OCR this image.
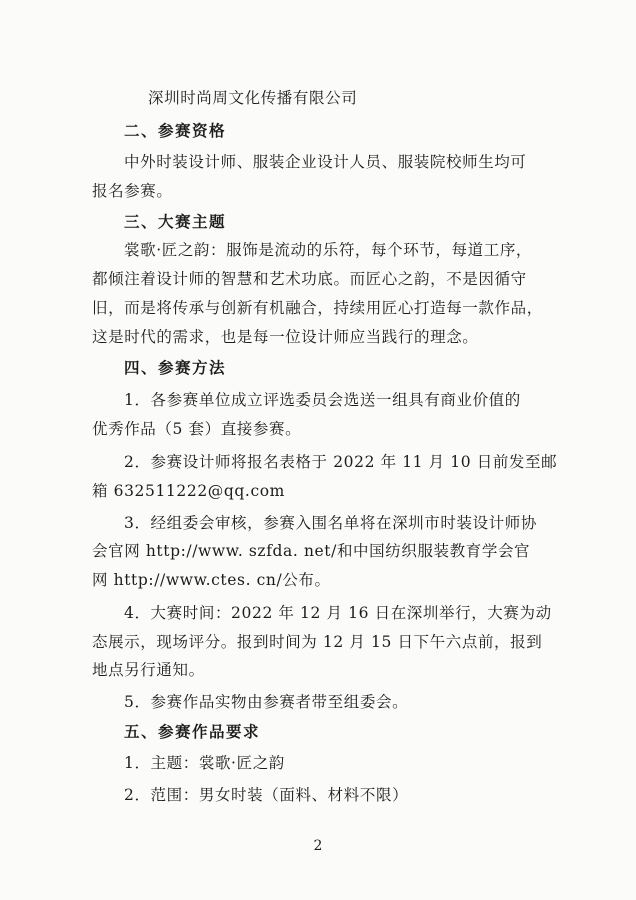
深圳时尚周文化传播有限公司
二、参赛资格
中外时装设计师、服装企业设计人员、服装院校师生均可
报名参赛。
三、大赛主题
裳歌·匠之韵：服饰是流动的乐符，每个环节，每道工序，
都倾注着设计师的智慧和艺术功底。而匠心之韵，不是因循守
旧，而是将传承与创新有机融合，持续用匠心打造每一款作品，
这是时代的需求，也是每一位设计师应当践行的理念。
四、参赛方法
1．各参赛单位成立评选委员会选送一组具有商业价值的
优秀作品（5 套）直接参赛。
2．参赛设计师将报名表格于 2022 年 11 月 10 日前发至邮
箱 632511222@qq.com
3．经组委会审核，参赛入围名单将在深圳市时装设计师协
会官网 http://www. szfda. net/和中国纺织服装教育学会官
网 http://www.ctes. cn/公布。
4．大赛时间：2022 年 12 月 16 日在深圳举行，大赛为动
态展示，现场评分。报到时间为 12 月 15 日下午六点前，报到
地点另行通知。
5．参赛作品实物由参赛者带至组委会。
五、参赛作品要求
1．主题：裳歌·匠之韵
2．范围：男女时装（面料、材料不限）
2
